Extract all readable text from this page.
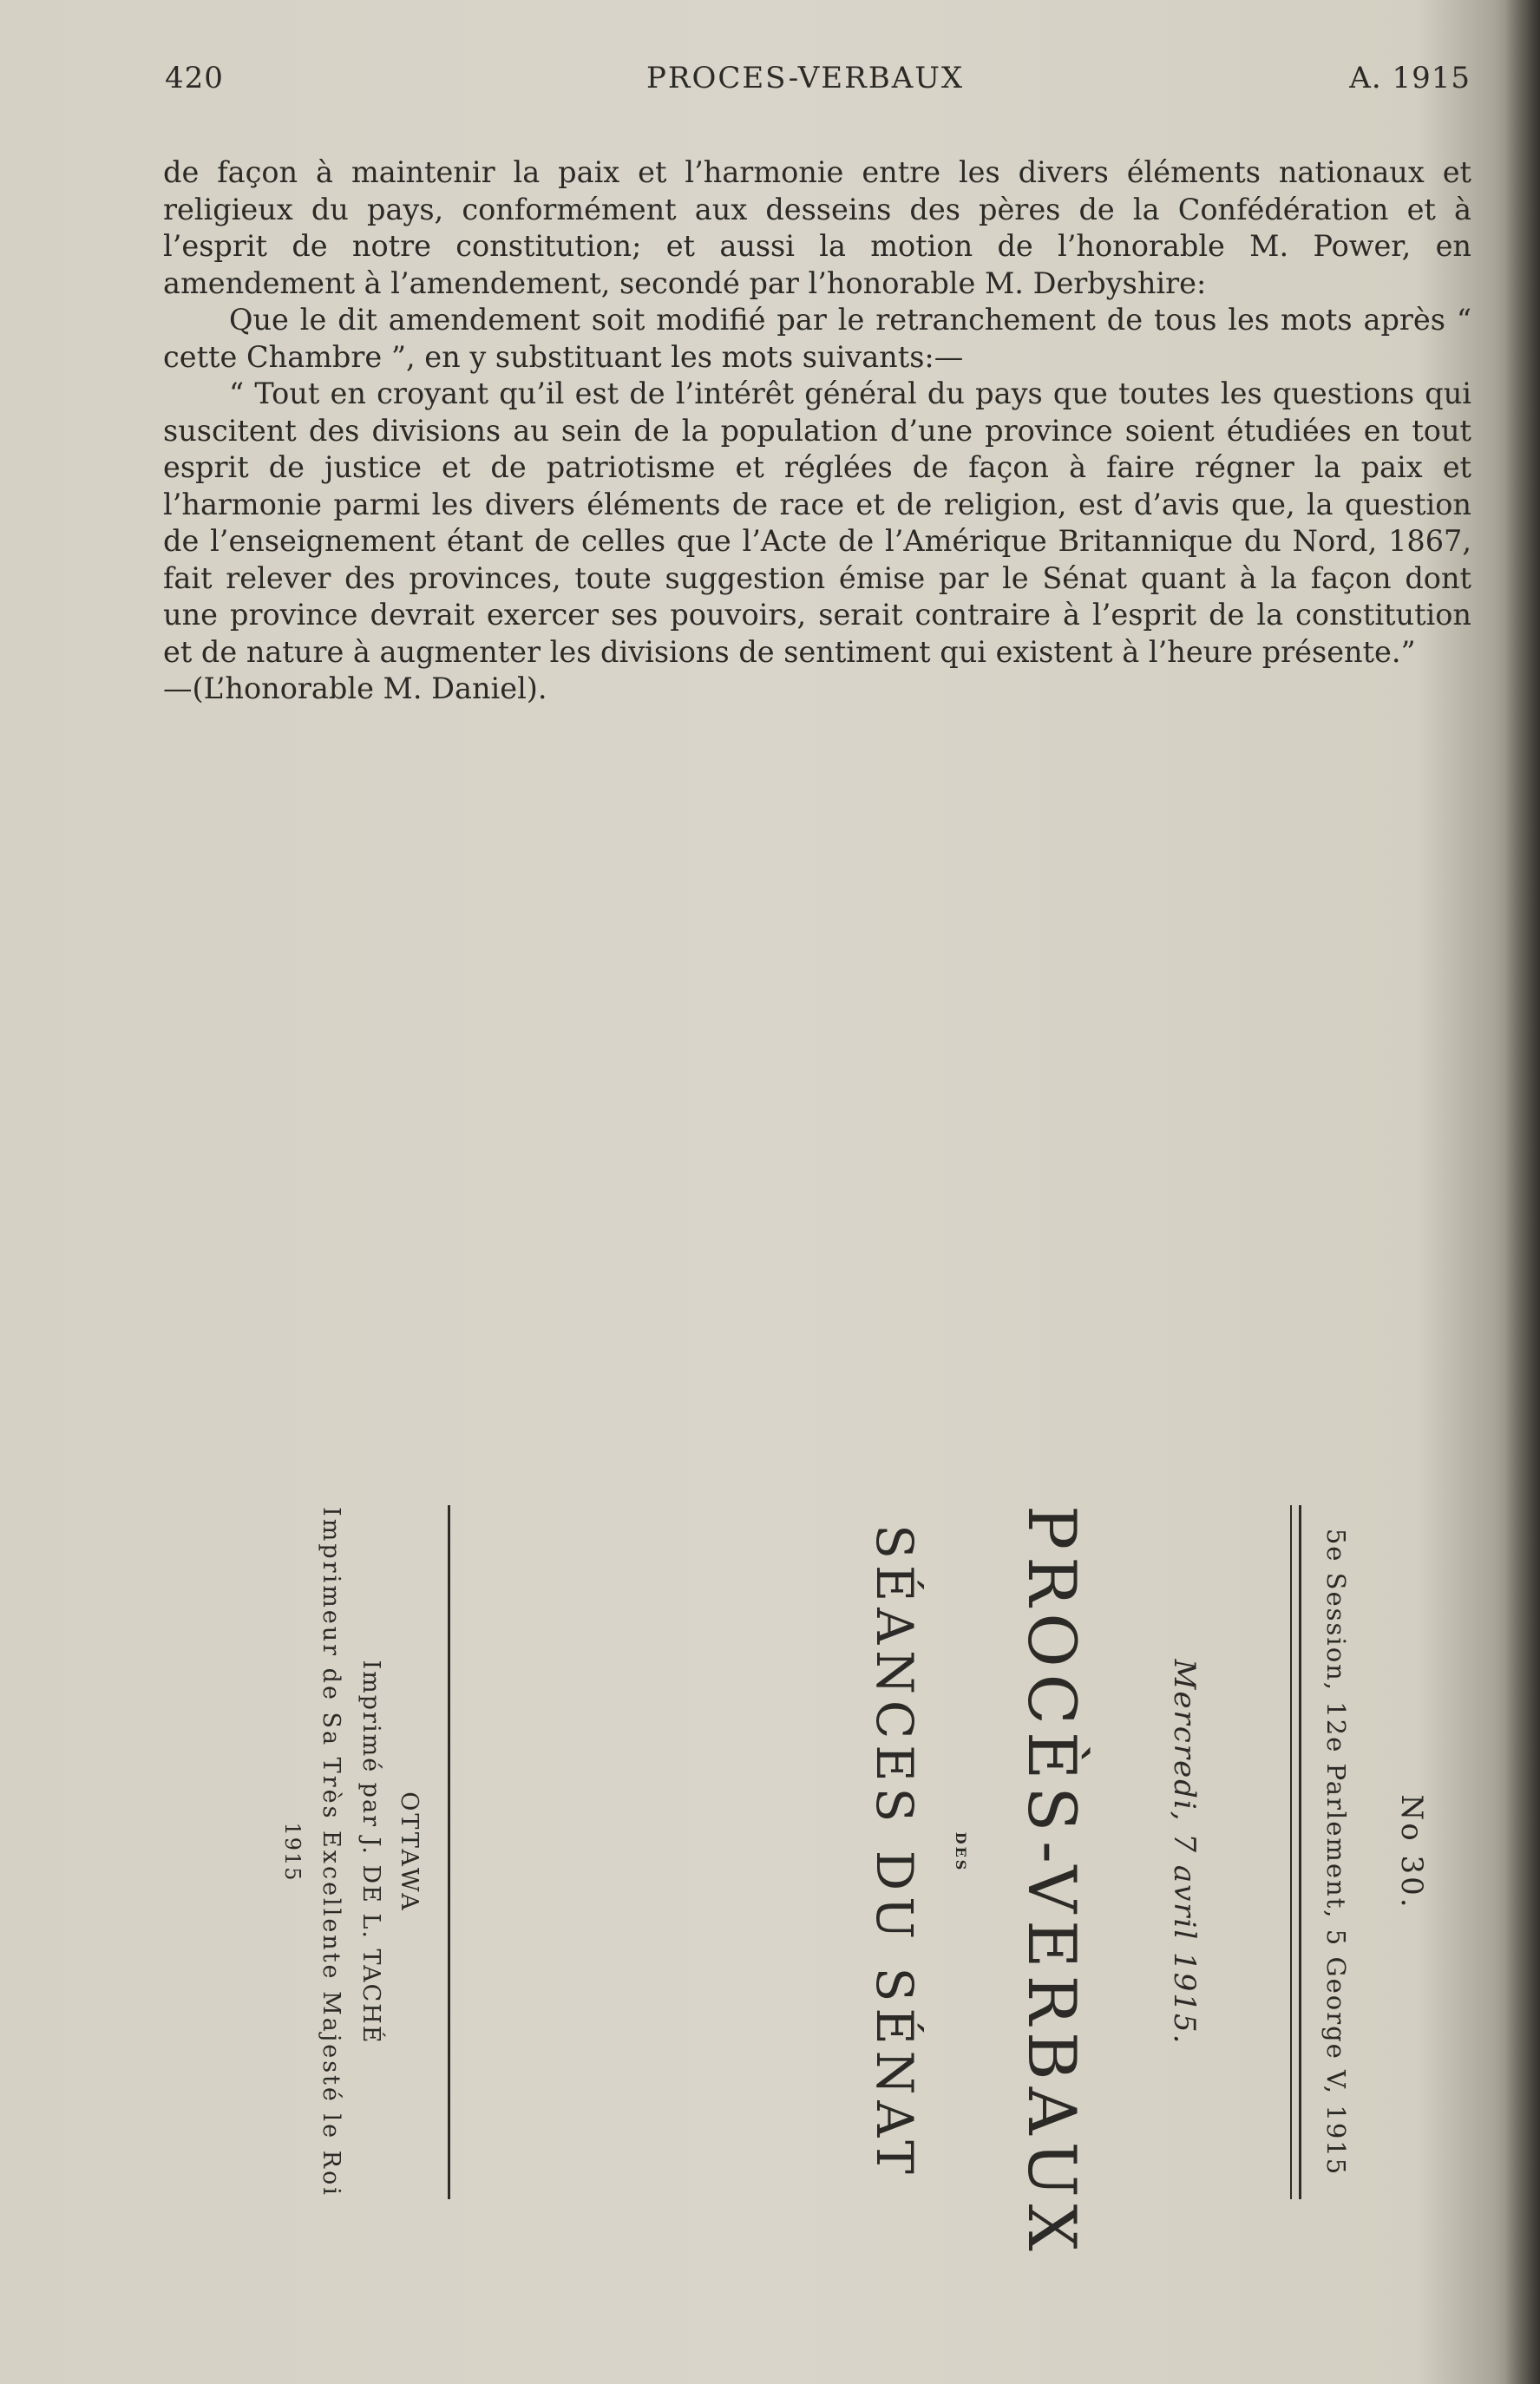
420	PROCES-VERBAUX	A. 1915

de façon à maintenir la paix et l’harmonie entre les divers éléments nationaux et religieux du pays, conformément aux desseins des pères de la Confédération et à l’esprit de notre constitution; et aussi la motion de l’honorable M. Power, en amendement à l’amendement, secondé par l’honorable M. Derbyshire:

Que le dit amendement soit modifié par le retranchement de tous les mots après “ cette Chambre ”, en y substituant les mots suivants:—

“ Tout en croyant qu’il est de l’intérêt général du pays que toutes les questions qui suscitent des divisions au sein de la population d’une province soient étudiées en tout esprit de justice et de patriotisme et réglées de façon à faire régner la paix et l’harmonie parmi les divers éléments de race et de religion, est d’avis que, la question de l’enseignement étant de celles que l’Acte de l’Amérique Britannique du Nord, 1867, fait relever des provinces, toute suggestion émise par le Sénat quant à la façon dont une province devrait exercer ses pouvoirs, serait contraire à l’esprit de la constitution et de nature à augmenter les divisions de sentiment qui existent à l’heure présente.”

—(L’honorable M. Daniel).

No 30.
5e Session, 12e Parlement, 5 George V, 1915
Mercredi, 7 avril 1915.
PROCÈS-VERBAUX
DES
SÉANCES DU SÉNAT
OTTAWA
Imprimé par J. DE L. TACHÉ
Imprimeur de Sa Très Excellente Majesté le Roi
1915
